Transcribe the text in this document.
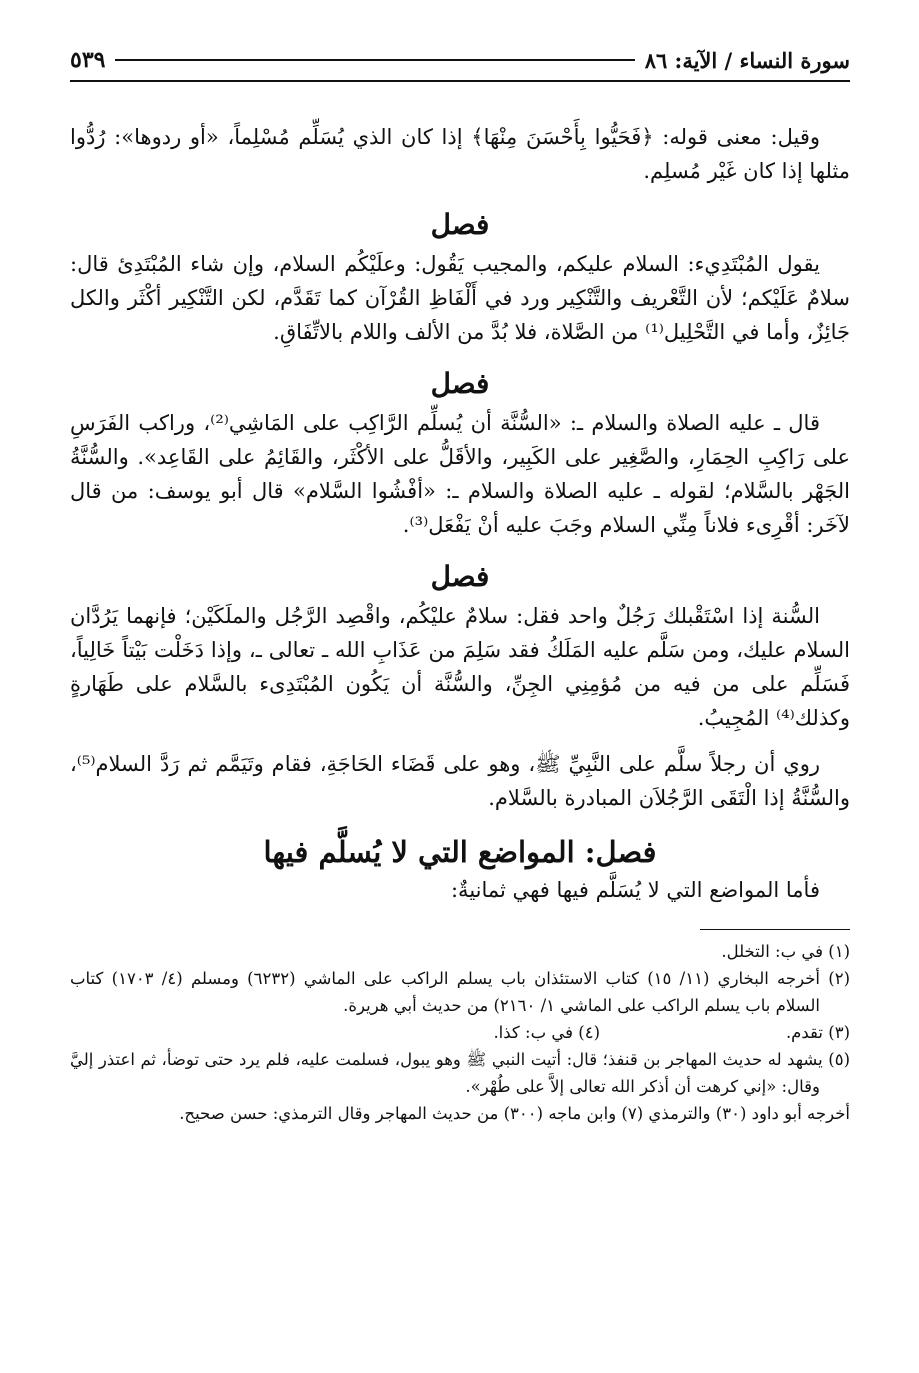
سورة النساء / الآية: ٨٦
٥٣٩

وقيل: معنى قوله: ﴿فَحَيُّوا بِأَحْسَنَ مِنْهَا﴾ إذا كان الذي يُسَلِّم مُسْلِماً، «أو ردوها»: رُدُّوا مثلها إذا كان غَيْر مُسلِم.

فصل

يقول المُبْتَدِيء: السلام عليكم، والمجيب يَقُول: وعلَيْكُم السلام، وإن شاء المُبْتَدِئ قال: سلامٌ عَلَيْكم؛ لأن التَّعْريف والتَّنْكِير ورد في أَلْفَاظِ القُرْآن كما تَقَدَّم، لكن التَّنْكِير أكْثَر والكل جَائِزٌ، وأما في التَّحْلِيل⁽¹⁾ من الصَّلاة، فلا بُدَّ من الألف واللام بالاتِّفَاقِ.

فصل

قال ـ عليه الصلاة والسلام ـ: «السُّنَّة أن يُسلِّم الرَّاكِب على المَاشِي⁽²⁾، وراكب الفَرَسِ على رَاكِبِ الحِمَارِ، والصَّغِير على الكَبِير، والأقَلُّ على الأكْثَر، والقَائِمُ على القَاعِد». والسُّنَّةُ الجَهْر بالسَّلام؛ لقوله ـ عليه الصلاة والسلام ـ: «أفْشُوا السَّلام» قال أبو يوسف: من قال لآخَر: أقْرِىء فلاناً مِنِّي السلام وجَبَ عليه أنْ يَفْعَل⁽³⁾.

فصل

السُّنة إذا اسْتَقْبلك رَجُلٌ واحد فقل: سلامٌ عليْكُم، واقْصِد الرَّجُل والملَكَيْن؛ فإنهما يَرُدَّان السلام عليك، ومن سَلَّم عليه المَلَكُ فقد سَلِمَ من عَذَابِ الله ـ تعالى ـ، وإذا دَخَلْت بَيْتاً خَالِياً، فَسَلِّم على من فيه من مُؤمِنِي الجِنِّ، والسُّنَّة أن يَكُون المُبْتَدِىء بالسَّلام على طَهَارةٍ وكذلك⁽⁴⁾ المُجِيبُ.

روي أن رجلاً سلَّم على النَّبِيِّ ﷺ، وهو على قَضَاء الحَاجَةِ، فقام وتَيَمَّم ثم رَدَّ السلام⁽⁵⁾، والسُّنَّةُ إذا الْتَقَى الرَّجُلاَن المبادرة بالسَّلام.

فصل: المواضع التي لا يُسلَّم فيها

فأما المواضع التي لا يُسَلَّم فيها فهي ثمانيةٌ:

(١) في ب: التخلل.

(٢) أخرجه البخاري (١١/ ١٥) كتاب الاستئذان باب يسلم الراكب على الماشي (٦٢٣٢) ومسلم (٤/ ١٧٠٣) كتاب السلام باب يسلم الراكب على الماشي ١/ ٢١٦٠) من حديث أبي هريرة.

(٣) تقدم.
(٤) في ب: كذا.

(٥) يشهد له حديث المهاجر بن قنفذ؛ قال: أتيت النبي ﷺ وهو يبول، فسلمت عليه، فلم يرد حتى توضأ، ثم اعتذر إليَّ وقال: «إني كرهت أن أذكر الله تعالى إلاَّ على طُهْر».

أخرجه أبو داود (٣٠) والترمذي (٧) وابن ماجه (٣٠٠) من حديث المهاجر وقال الترمذي: حسن صحيح.
